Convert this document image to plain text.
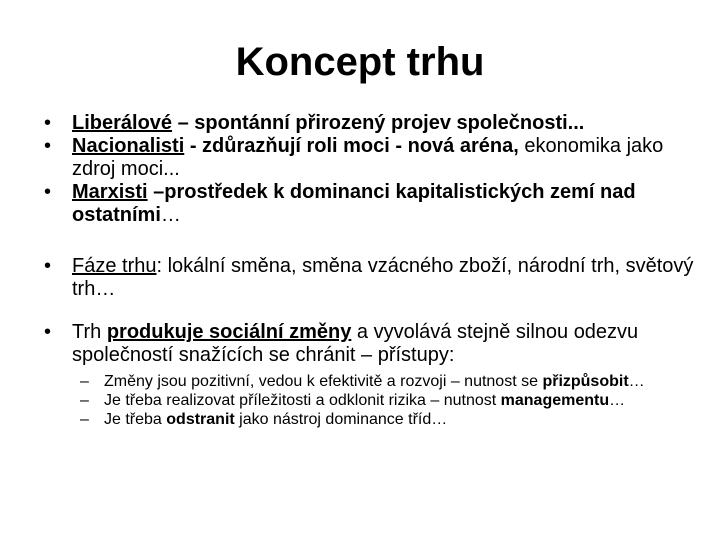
Koncept trhu
• Liberálové – spontánní přirozený projev společnosti...
• Nacionalisti - zdůrazňují roli moci - nová aréna, ekonomika jako zdroj moci...
• Marxisti –prostředek k dominanci kapitalistických zemí nad ostatními…
• Fáze trhu: lokální směna, směna vzácného zboží, národní trh, světový trh…
• Trh produkuje sociální změny a vyvolává stejně silnou odezvu společností snažících se chránit – přístupy:
– Změny jsou pozitivní, vedou k efektivitě a rozvoji – nutnost se přizpůsobit…
– Je třeba realizovat příležitosti a odklonit rizika – nutnost managementu…
– Je třeba odstranit jako nástroj dominance tříd…
